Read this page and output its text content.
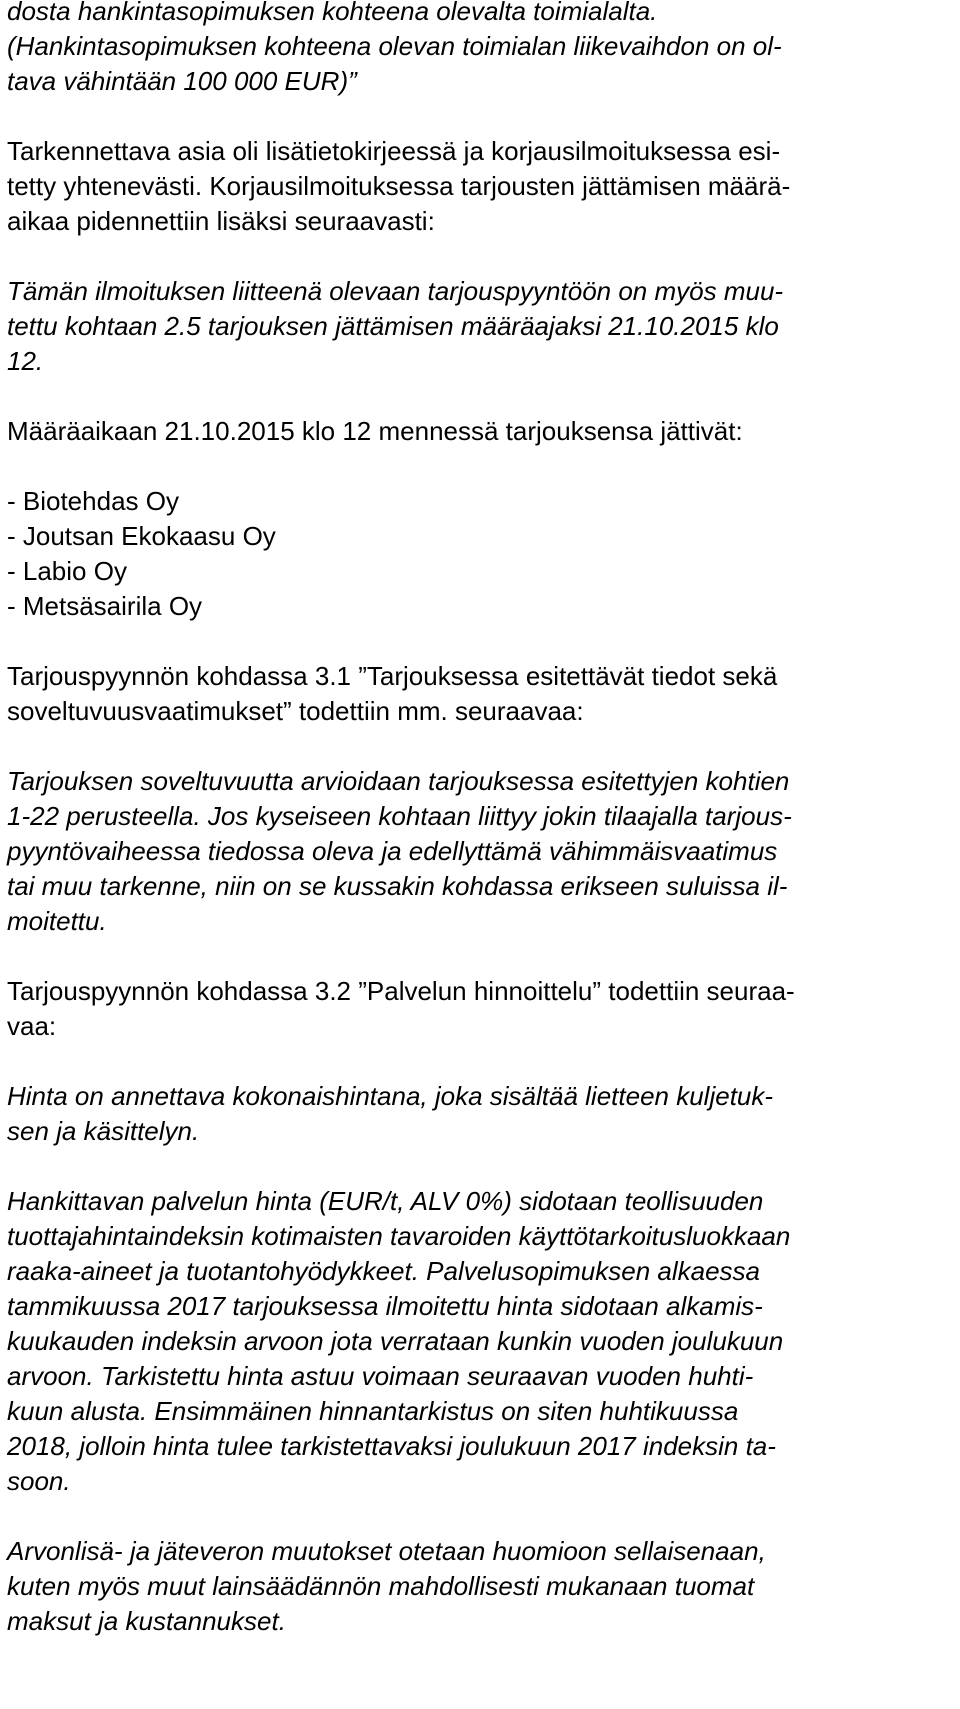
dosta hankintasopimuksen kohteena olevalta toimialalta.
(Hankintasopimuksen kohteena olevan toimialan liikevaihdon on ol-
tava vähintään 100 000 EUR)”
Tarkennettava asia oli lisätietokirjeessä ja korjausilmoituksessa esi-
tetty yhtenevästi. Korjausilmoituksessa tarjousten jättämisen määrä-
aikaa pidennettiin lisäksi seuraavasti:
Tämän ilmoituksen liitteenä olevaan tarjouspyyntöön on myös muu-
tettu kohtaan 2.5 tarjouksen jättämisen määräajaksi 21.10.2015 klo
12.
Määräaikaan 21.10.2015 klo 12 mennessä tarjouksensa jättivät:
- Biotehdas Oy
- Joutsan Ekokaasu Oy
- Labio Oy
- Metsäsairila Oy
Tarjouspyynnön kohdassa 3.1 ”Tarjouksessa esitettävät tiedot sekä
soveltuvuusvaatimukset” todettiin mm. seuraavaa:
Tarjouksen soveltuvuutta arvioidaan tarjouksessa esitettyjen kohtien
1-22 perusteella. Jos kyseiseen kohtaan liittyy jokin tilaajalla tarjous-
pyyntövaiheessa tiedossa oleva ja edellyttämä vähimmäisvaatimus
tai muu tarkenne, niin on se kussakin kohdassa erikseen suluissa il-
moitettu.
Tarjouspyynnön kohdassa 3.2 ”Palvelun hinnoittelu” todettiin seuraa-
vaa:
Hinta on annettava kokonaishintana, joka sisältää lietteen kuljetuk-
sen ja käsittelyn.
Hankittavan palvelun hinta (EUR/t, ALV 0%) sidotaan teollisuuden
tuottajahintaindeksin kotimaisten tavaroiden käyttötarkoitusluokkaan
raaka-aineet ja tuotantohyödykkeet. Palvelusopimuksen alkaessa
tammikuussa 2017 tarjouksessa ilmoitettu hinta sidotaan alkamis-
kuukauden indeksin arvoon jota verrataan kunkin vuoden joulukuun
arvoon. Tarkistettu hinta astuu voimaan seuraavan vuoden huhti-
kuun alusta. Ensimmäinen hinnantarkistus on siten huhtikuussa
2018, jolloin hinta tulee tarkistettavaksi joulukuun 2017 indeksin ta-
soon.
Arvonlisä- ja jäteveron muutokset otetaan huomioon sellaisenaan,
kuten myös muut lainsäädännön mahdollisesti mukanaan tuomat
maksut ja kustannukset.
